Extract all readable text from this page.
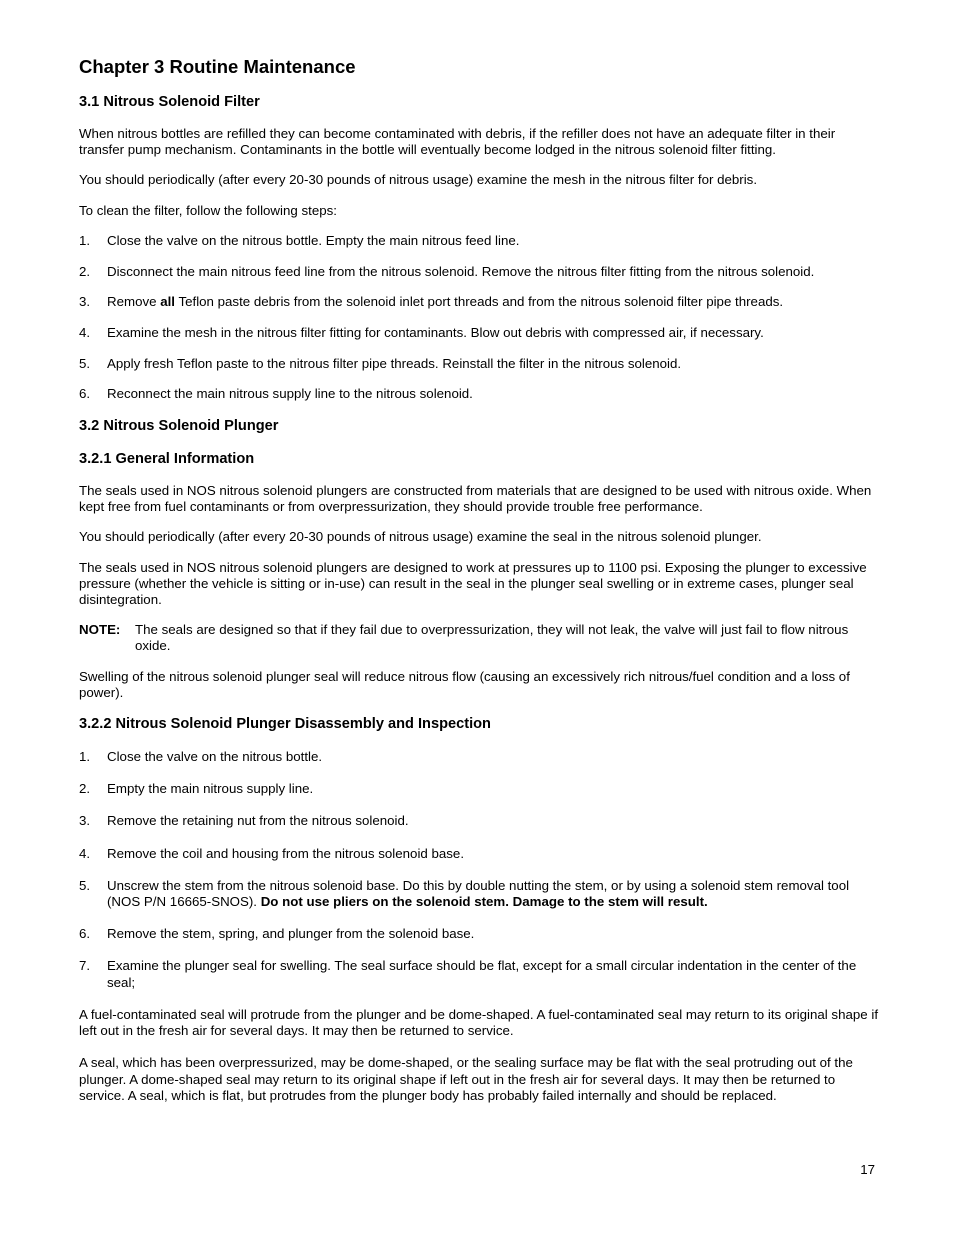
Chapter 3 Routine Maintenance
3.1 Nitrous Solenoid Filter

When nitrous bottles are refilled they can become contaminated with debris, if the refiller does not have an adequate filter in their transfer pump mechanism. Contaminants in the bottle will eventually become lodged in the nitrous solenoid filter fitting.

You should periodically (after every 20-30 pounds of nitrous usage) examine the mesh in the nitrous filter for debris.

To clean the filter, follow the following steps:

1.	Close the valve on the nitrous bottle. Empty the main nitrous feed line.
2.	Disconnect the main nitrous feed line from the nitrous solenoid. Remove the nitrous filter fitting from the nitrous solenoid.
3.	Remove all Teflon paste debris from the solenoid inlet port threads and from the nitrous solenoid filter pipe threads.
4.	Examine the mesh in the nitrous filter fitting for contaminants. Blow out debris with compressed air, if necessary.
5.	Apply fresh Teflon paste to the nitrous filter pipe threads. Reinstall the filter in the nitrous solenoid.
6.	Reconnect the main nitrous supply line to the nitrous solenoid.
3.2 Nitrous Solenoid Plunger
3.2.1 General Information

The seals used in NOS nitrous solenoid plungers are constructed from materials that are designed to be used with nitrous oxide. When kept free from fuel contaminants or from overpressurization, they should provide trouble free performance.

You should periodically (after every 20-30 pounds of nitrous usage) examine the seal in the nitrous solenoid plunger.

The seals used in NOS nitrous solenoid plungers are designed to work at pressures up to 1100 psi. Exposing the plunger to excessive pressure (whether the vehicle is sitting or in-use) can result in the seal in the plunger seal swelling or in extreme cases, plunger seal disintegration.

NOTE:	The seals are designed so that if they fail due to overpressurization, they will not leak, the valve will just fail to flow nitrous oxide.

Swelling of the nitrous solenoid plunger seal will reduce nitrous flow (causing an excessively rich nitrous/fuel condition and a loss of power).

3.2.2 Nitrous Solenoid Plunger Disassembly and Inspection
1.	Close the valve on the nitrous bottle.
2.	Empty the main nitrous supply line.
3.	Remove the retaining nut from the nitrous solenoid.
4.	Remove the coil and housing from the nitrous solenoid base.
5.	Unscrew the stem from the nitrous solenoid base. Do this by double nutting the stem, or by using a solenoid stem removal tool (NOS P/N 16665-SNOS). Do not use pliers on the solenoid stem. Damage to the stem will result.
6.	Remove the stem, spring, and plunger from the solenoid base.
7.	Examine the plunger seal for swelling. The seal surface should be flat, except for a small circular indentation in the center of the seal;

A fuel-contaminated seal will protrude from the plunger and be dome-shaped. A fuel-contaminated seal may return to its original shape if left out in the fresh air for several days. It may then be returned to service.

A seal, which has been overpressurized, may be dome-shaped, or the sealing surface may be flat with the seal protruding out of the plunger. A dome-shaped seal may return to its original shape if left out in the fresh air for several days. It may then be returned to service. A seal, which is flat, but protrudes from the plunger body has probably failed internally and should be replaced.

17
